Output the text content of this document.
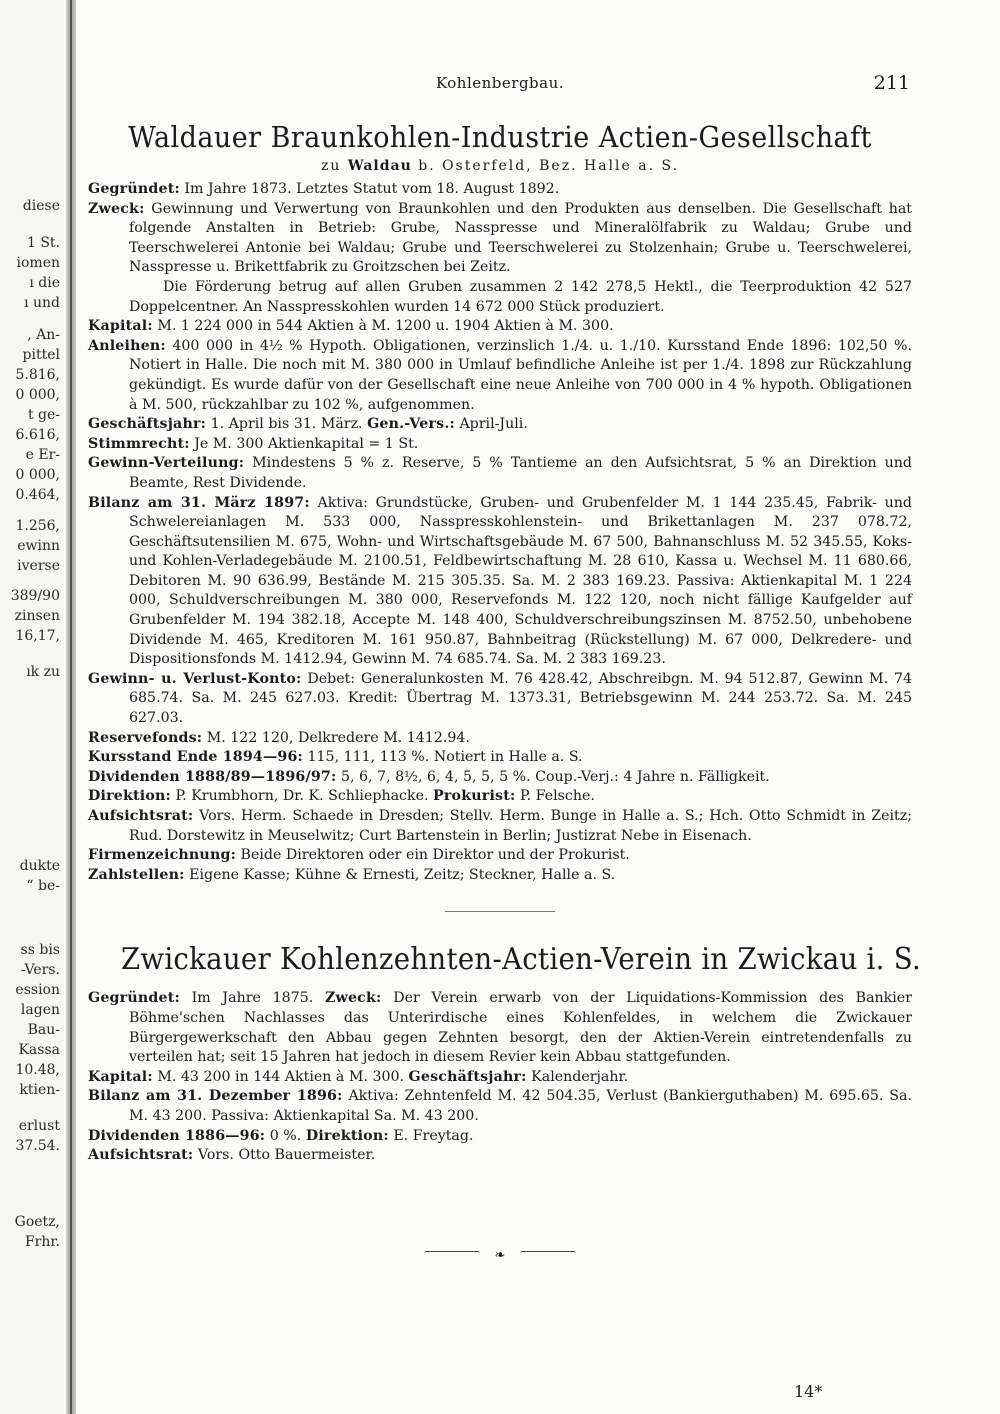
diese
1 St.
iomen
ı die
ı und
, An-
pittel
5.816,
0 000,
t ge-
6.616,
e Er-
0 000,
0.464,
1.256,
ewinn
iverse
389/90
zinsen
16,17,
ık zu
dukte
“ be-
ss bis
-Vers.
ession
lagen
Bau-
Kassa
10.48,
ktien-
erlust
37.54.
Goetz,
Frhr.
Kohlenbergbau.	211
Waldauer Braunkohlen-Industrie Actien-Gesellschaft
zu Waldau b. Osterfeld, Bez. Halle a. S.

Gegründet: Im Jahre 1873. Letztes Statut vom 18. August 1892.

Zweck: Gewinnung und Verwertung von Braunkohlen und den Produkten aus denselben. Die Gesellschaft hat folgende Anstalten in Betrieb: Grube, Nasspresse und Mineralölfabrik zu Waldau; Grube und Teerschwelerei Antonie bei Waldau; Grube und Teerschwelerei zu Stolzenhain; Grube u. Teerschwelerei, Nasspresse u. Brikettfabrik zu Groitzschen bei Zeitz.

Die Förderung betrug auf allen Gruben zusammen 2 142 278,5 Hektl., die Teerproduktion 42 527 Doppelcentner. An Nasspresskohlen wurden 14 672 000 Stück produziert.

Kapital: M. 1 224 000 in 544 Aktien à M. 1200 u. 1904 Aktien à M. 300.

Anleihen: 400 000 in 4½ % Hypoth. Obligationen, verzinslich 1./4. u. 1./10. Kursstand Ende 1896: 102,50 %. Notiert in Halle. Die noch mit M. 380 000 in Umlauf befindliche Anleihe ist per 1./4. 1898 zur Rückzahlung gekündigt. Es wurde dafür von der Gesellschaft eine neue Anleihe von 700 000 in 4 % hypoth. Obligationen à M. 500, rückzahlbar zu 102 %, aufgenommen.

Geschäftsjahr: 1. April bis 31. März. Gen.-Vers.: April-Juli.

Stimmrecht: Je M. 300 Aktienkapital = 1 St.

Gewinn-Verteilung: Mindestens 5 % z. Reserve, 5 % Tantieme an den Aufsichtsrat, 5 % an Direktion und Beamte, Rest Dividende.

Bilanz am 31. März 1897: Aktiva: Grundstücke, Gruben- und Grubenfelder M. 1 144 235.45, Fabrik- und Schwelereianlagen M. 533 000, Nasspresskohlenstein- und Brikettanlagen M. 237 078.72, Geschäftsutensilien M. 675, Wohn- und Wirtschaftsgebäude M. 67 500, Bahnanschluss M. 52 345.55, Koks- und Kohlen-Verladegebäude M. 2100.51, Feldbewirtschaftung M. 28 610, Kassa u. Wechsel M. 11 680.66, Debitoren M. 90 636.99, Bestände M. 215 305.35. Sa. M. 2 383 169.23. Passiva: Aktienkapital M. 1 224 000, Schuldverschreibungen M. 380 000, Reservefonds M. 122 120, noch nicht fällige Kaufgelder auf Grubenfelder M. 194 382.18, Accepte M. 148 400, Schuldverschreibungszinsen M. 8752.50, unbehobene Dividende M. 465, Kreditoren M. 161 950.87, Bahnbeitrag (Rückstellung) M. 67 000, Delkredere- und Dispositionsfonds M. 1412.94, Gewinn M. 74 685.74. Sa. M. 2 383 169.23.

Gewinn- u. Verlust-Konto: Debet: Generalunkosten M. 76 428.42, Abschreibgn. M. 94 512.87, Gewinn M. 74 685.74. Sa. M. 245 627.03. Kredit: Übertrag M. 1373.31, Betriebsgewinn M. 244 253.72. Sa. M. 245 627.03.

Reservefonds: M. 122 120, Delkredere M. 1412.94.

Kursstand Ende 1894—96: 115, 111, 113 %. Notiert in Halle a. S.

Dividenden 1888/89—1896/97: 5, 6, 7, 8½, 6, 4, 5, 5, 5 %. Coup.-Verj.: 4 Jahre n. Fälligkeit.

Direktion: P. Krumbhorn, Dr. K. Schliephacke. Prokurist: P. Felsche.

Aufsichtsrat: Vors. Herm. Schaede in Dresden; Stellv. Herm. Bunge in Halle a. S.; Hch. Otto Schmidt in Zeitz; Rud. Dorstewitz in Meuselwitz; Curt Bartenstein in Berlin; Justizrat Nebe in Eisenach.

Firmenzeichnung: Beide Direktoren oder ein Direktor und der Prokurist.

Zahlstellen: Eigene Kasse; Kühne & Ernesti, Zeitz; Steckner, Halle a. S.

Zwickauer Kohlenzehnten-Actien-Verein in Zwickau i. S.

Gegründet: Im Jahre 1875. Zweck: Der Verein erwarb von der Liquidations-Kommission des Bankier Böhme'schen Nachlasses das Unterirdische eines Kohlenfeldes, in welchem die Zwickauer Bürgergewerkschaft den Abbau gegen Zehnten besorgt, den der Aktien-Verein eintretendenfalls zu verteilen hat; seit 15 Jahren hat jedoch in diesem Revier kein Abbau stattgefunden.

Kapital: M. 43 200 in 144 Aktien à M. 300. Geschäftsjahr: Kalenderjahr.

Bilanz am 31. Dezember 1896: Aktiva: Zehntenfeld M. 42 504.35, Verlust (Bankierguthaben) M. 695.65. Sa. M. 43 200. Passiva: Aktienkapital Sa. M. 43 200.

Dividenden 1886—96: 0 %. Direktion: E. Freytag.

Aufsichtsrat: Vors. Otto Bauermeister.

❧
14*
